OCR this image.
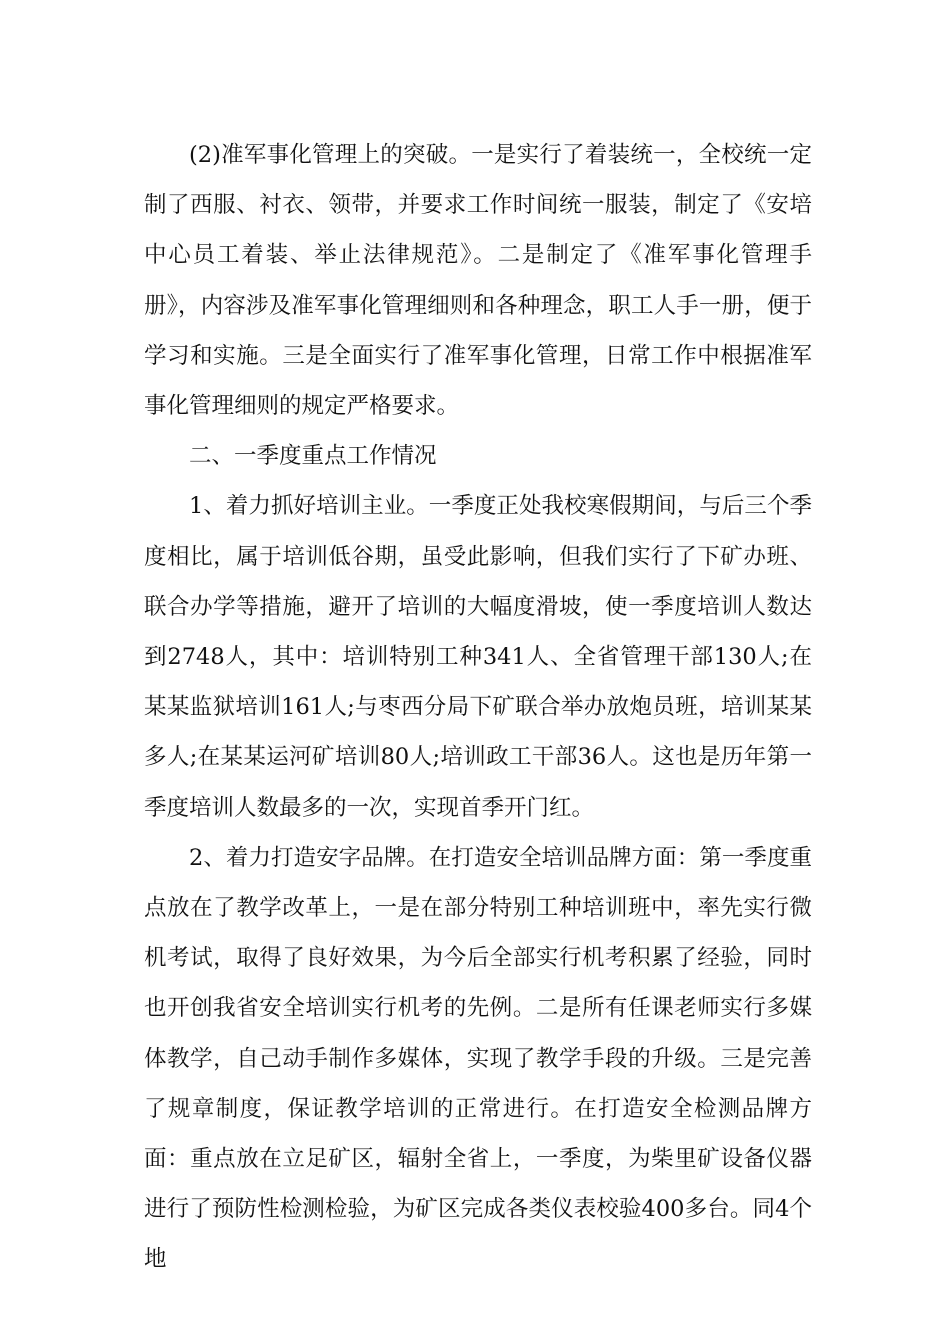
(2)准军事化管理上的突破。一是实行了着装统一，全校统一定制了西服、衬衣、领带，并要求工作时间统一服装，制定了《安培中心员工着装、举止法律规范》。二是制定了《准军事化管理手册》，内容涉及准军事化管理细则和各种理念，职工人手一册，便于学习和实施。三是全面实行了准军事化管理，日常工作中根据准军事化管理细则的规定严格要求。

二、一季度重点工作情况

1、着力抓好培训主业。一季度正处我校寒假期间，与后三个季度相比，属于培训低谷期，虽受此影响，但我们实行了下矿办班、联合办学等措施，避开了培训的大幅度滑坡，使一季度培训人数达到2748人，其中：培训特别工种341人、全省管理干部130人;在某某监狱培训161人;与枣西分局下矿联合举办放炮员班，培训某某多人;在某某运河矿培训80人;培训政工干部36人。这也是历年第一季度培训人数最多的一次，实现首季开门红。

2、着力打造安字品牌。在打造安全培训品牌方面：第一季度重点放在了教学改革上，一是在部分特别工种培训班中，率先实行微机考试，取得了良好效果，为今后全部实行机考积累了经验，同时也开创我省安全培训实行机考的先例。二是所有任课老师实行多媒体教学，自己动手制作多媒体，实现了教学手段的升级。三是完善了规章制度，保证教学培训的正常进行。在打造安全检测品牌方面：重点放在立足矿区，辐射全省上，一季度，为柴里矿设备仪器进行了预防性检测检验，为矿区完成各类仪表校验400多台。同4个地
